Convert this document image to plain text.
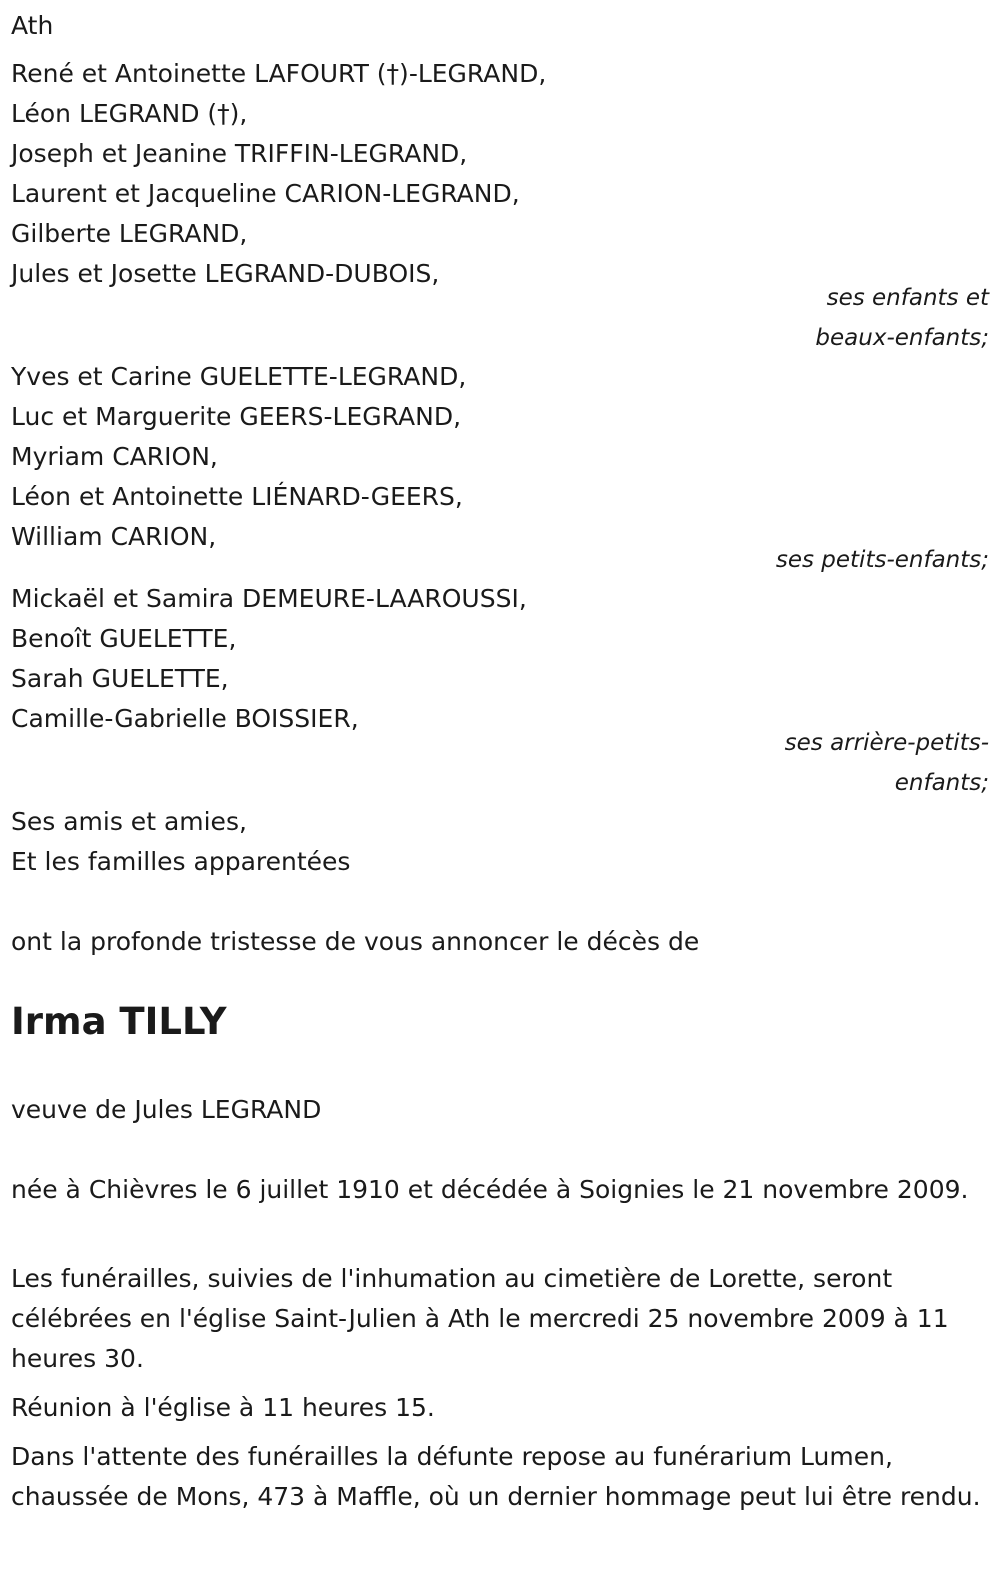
Ath
René et Antoinette LAFOURT (†)-LEGRAND,
Léon LEGRAND (†),
Joseph et Jeanine TRIFFIN-LEGRAND,
Laurent et Jacqueline CARION-LEGRAND,
Gilberte LEGRAND,
Jules et Josette LEGRAND-DUBOIS,
ses enfants et
beaux-enfants;
Yves et Carine GUELETTE-LEGRAND,
Luc et Marguerite GEERS-LEGRAND,
Myriam CARION,
Léon et Antoinette LIÉNARD-GEERS,
William CARION,
ses petits-enfants;
Mickaël et Samira DEMEURE-LAAROUSSI,
Benoît GUELETTE,
Sarah GUELETTE,
Camille-Gabrielle BOISSIER,
ses arrière-petits-
enfants;
Ses amis et amies,
Et les familles apparentées
ont la profonde tristesse de vous annoncer le décès de
Irma TILLY
veuve de Jules LEGRAND
née à Chièvres le 6 juillet 1910 et décédée à Soignies le 21 novembre 2009.
Les funérailles, suivies de l'inhumation au cimetière de Lorette, seront célébrées en l'église Saint-Julien à Ath le mercredi 25 novembre 2009 à 11 heures 30.
Réunion à l'église à 11 heures 15.
Dans l'attente des funérailles la défunte repose au funérarium Lumen, chaussée de Mons, 473 à Maffle, où un dernier hommage peut lui être rendu.
